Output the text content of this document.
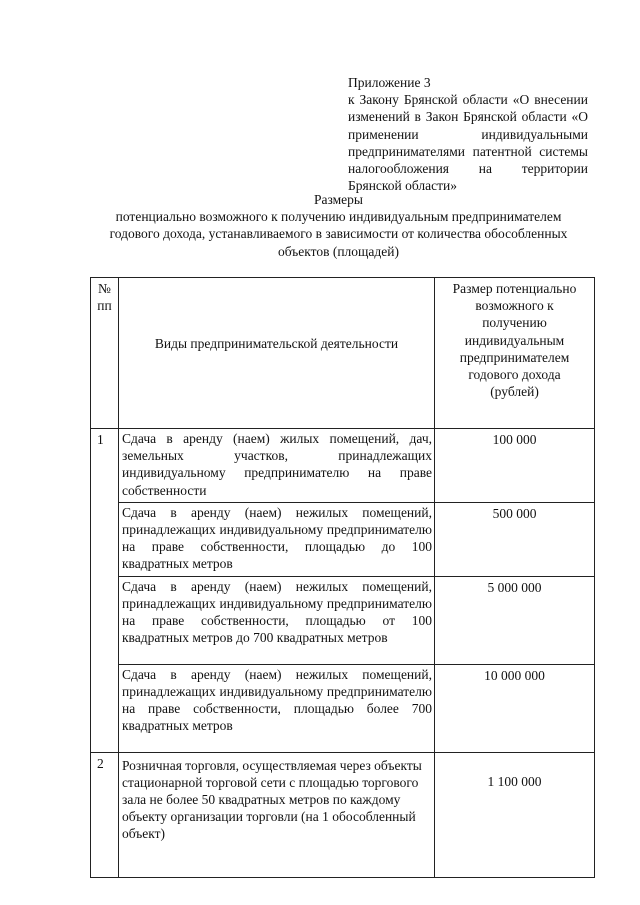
Приложение 3
к Закону Брянской области «О внесении изменений в Закон Брянской области «О применении индивидуальными предпринимателями патентной системы налогообложения на территории Брянской области»
Размеры
потенциально возможного к получению индивидуальным предпринимателем годового дохода, устанавливаемого в зависимости от количества обособленных объектов (площадей)
№ пп	Виды предпринимательской деятельности	Размер потенциально возможного к получению индивидуальным предпринимателем годового дохода (рублей)
1	Сдача в аренду (наем) жилых помещений, дач, земельных участков, принадлежащих индивидуальному предпринимателю на праве собственности	100 000
	Сдача в аренду (наем) нежилых помещений, принадлежащих индивидуальному предпринимателю на праве собственности, площадью до 100 квадратных метров	500 000
	Сдача в аренду (наем) нежилых помещений, принадлежащих индивидуальному предпринимателю на праве собственности, площадью от 100 квадратных метров до 700 квадратных метров	5 000 000
	Сдача в аренду (наем) нежилых помещений, принадлежащих индивидуальному предпринимателю на праве собственности, площадью более 700 квадратных метров	10 000 000
2	Розничная торговля, осуществляемая через объекты стационарной торговой сети с площадью торгового зала не более 50 квадратных метров по каждому объекту организации торговли (на 1 обособленный объект)	1 100 000
